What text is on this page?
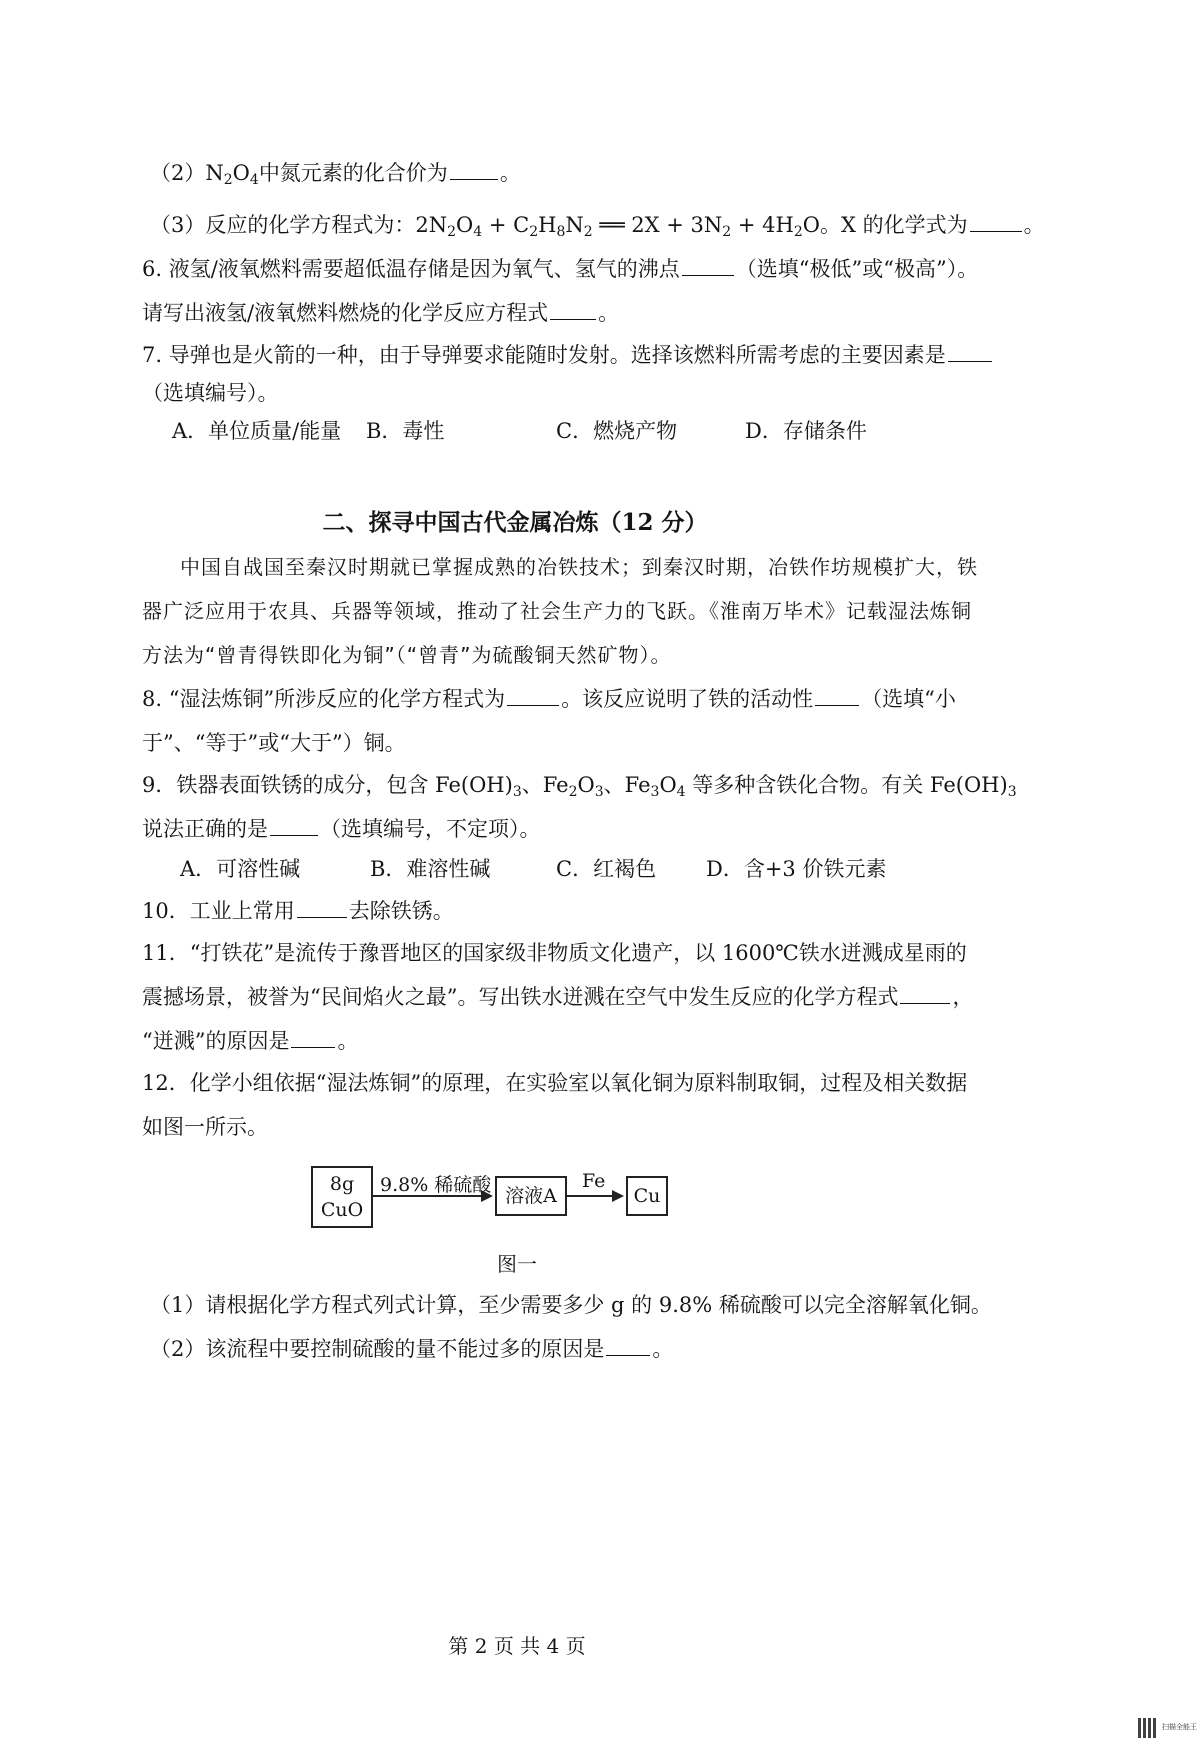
$(2)N_2O_4$中氮元素的化合价为 。
（3）反应的化学方程式为：$2N_2O_4 + C_2H_8N_2$ ══ $2X + 3N_2 + 4H_2O$。X 的化学式为	。
6. 液氢/液氧燃料需要超低温存储是因为氧气、氢气的沸点	（选填“极低”或“极高”）。
请写出液氢/液氧燃料燃烧的化学反应方程式 。
7. 导弹也是火箭的一种，由于导弹要求能随时发射。选择该燃料所需考虑的主要因素是
（选填编号）。
A．单位质量/能量 B．毒性	C．燃烧产物	D．存储条件
二、探寻中国古代金属冶炼（12 分）
中国自战国至秦汉时期就已掌握成熟的冶铁技术；到秦汉时期，冶铁作坊规模扩大，铁
器广泛应用于农具、兵器等领域，推动了社会生产力的飞跃。《淮南万毕术》记载湿法炼铜
方法为“曾青得铁即化为铜”（“曾青”为硫酸铜天然矿物）。
8. “湿法炼铜”所涉反应的化学方程式为	。该反应说明了铁的活动性 （选填“小
于”、“等于”或“大于”）铜。
9．铁器表面铁锈的成分，包含 $Fe(OH)_3$、$Fe_2O_3$、$Fe_3O_4$ 等多种含铁化合物。有关 $Fe(OH)_3$
说法正确的是 （选填编号，不定项）。
A．可溶性碱	B．难溶性碱	C．红褐色 D．含+3 价铁元素
10．工业上常用	去除铁锈。
11．“打铁花”是流传于豫晋地区的国家级非物质文化遗产，以 1600℃铁水迸溅成星雨的
震撼场景，被誉为“民间焰火之最”。写出铁水迸溅在空气中发生反应的化学方程式	，
“迸溅”的原因是 。
12．化学小组依据“湿法炼铜”的原理，在实验室以氧化铜为原料制取铜，过程及相关数据
如图一所示。
8g
CuO
9.8% 稀硫酸 溶液A
Fe
Cu
图一
（1）请根据化学方程式列式计算，至少需要多少 g 的 9.8% 稀硫酸可以完全溶解氧化铜。
（2）该流程中要控制硫酸的量不能过多的原因是 。
第 2 页 共 4 页
扫描全能王
